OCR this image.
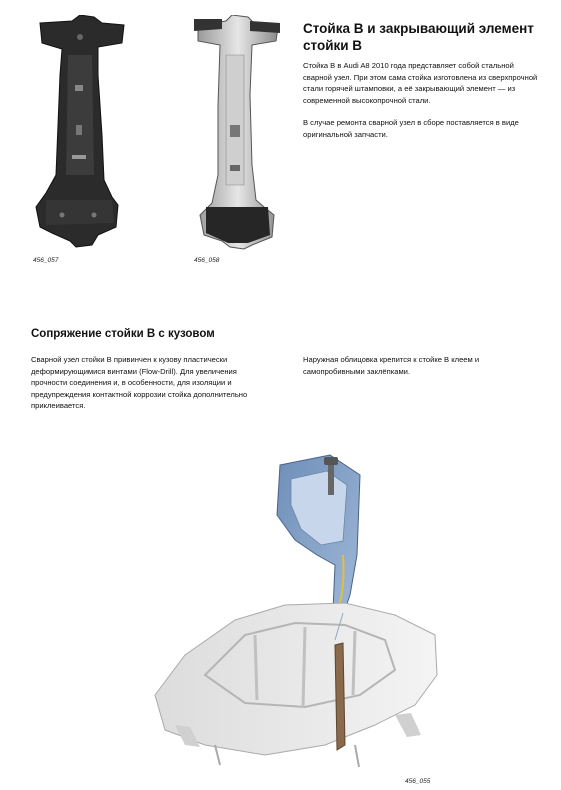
456_057	456_058
Стойка В и закрывающий элемент стойки В

Стойка В в Audi A8 2010 года представляет собой стальной сварной узел. При этом сама стойка изготовлена из сверхпрочной стали горячей штамповки, а её закрывающий элемент — из современной высокопрочной стали.

В случае ремонта сварной узел в сборе поставляется в виде оригинальной запчасти.

Сопряжение стойки В с кузовом

Сварной узел стойки В привинчен к кузову пластически деформирующимися винтами (Flow-Drill). Для увеличения прочности соединения и, в особенности, для изоляции и предупреждения контактной коррозии стойка дополнительно приклеивается.

Наружная облицовка крепится к стойке В клеем и самопробивными заклёпками.

456_055
